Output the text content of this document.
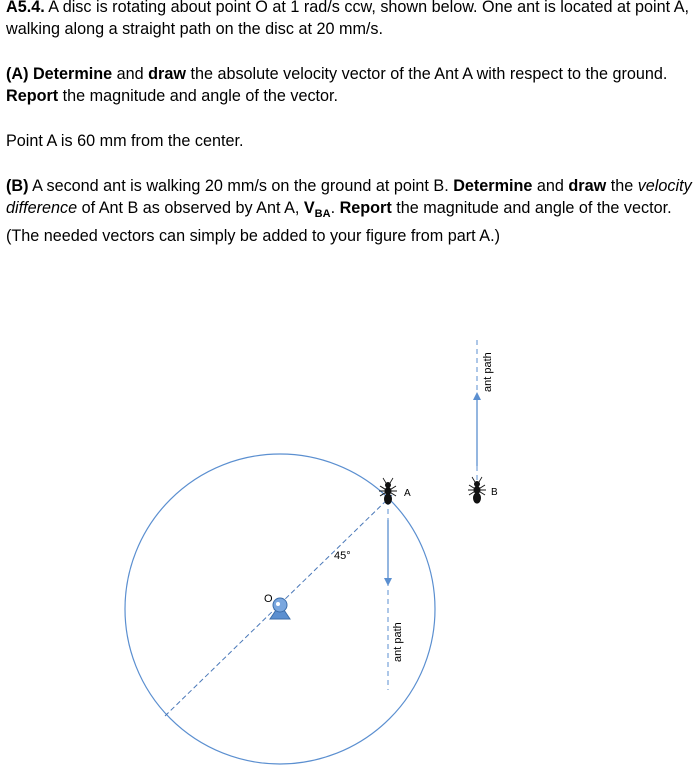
A5.4. A disc is rotating about point O at 1 rad/s ccw, shown below. One ant is located at point A, walking along a straight path on the disc at 20 mm/s.

(A) Determine and draw the absolute velocity vector of the Ant A with respect to the ground. Report the magnitude and angle of the vector.

Point A is 60 mm from the center.

(B) A second ant is walking 20 mm/s on the ground at point B. Determine and draw the velocity difference of Ant B as observed by Ant A, $V_{BA}$. Report the magnitude and angle of the vector. (The needed vectors can simply be added to your figure from part A.)

45°
O
ant path
A
ant path
B
